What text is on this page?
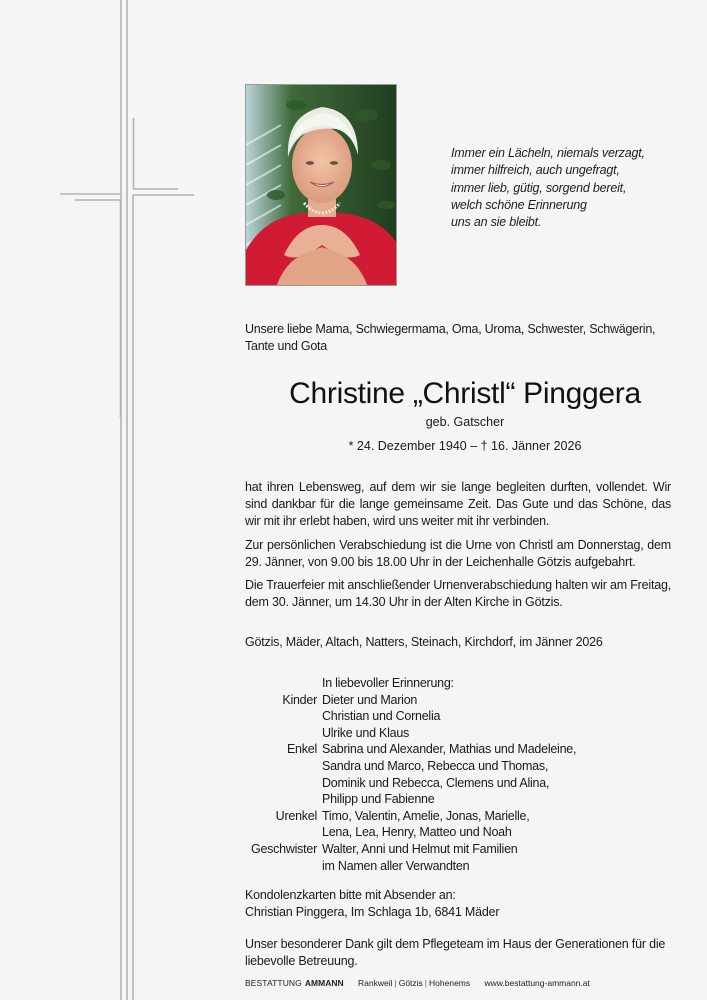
Immer ein Lächeln, niemals verzagt,
immer hilfreich, auch ungefragt,
immer lieb, gütig, sorgend bereit,
welch schöne Erinnerung
uns an sie bleibt.
Unsere liebe Mama, Schwiegermama, Oma, Uroma, Schwester, Schwägerin, Tante und Gota
Christine „Christl“ Pinggera
geb. Gatscher
* 24. Dezember 1940 – † 16. Jänner 2026

hat ihren Lebensweg, auf dem wir sie lange begleiten durften, vollendet. Wir sind dankbar für die lange gemeinsame Zeit. Das Gute und das Schöne, das wir mit ihr erlebt haben, wird uns weiter mit ihr verbinden.

Zur persönlichen Verabschiedung ist die Urne von Christl am Donnerstag, dem 29. Jänner, von 9.00 bis 18.00 Uhr in der Leichenhalle Götzis aufgebahrt.

Die Trauerfeier mit anschließender Urnenverabschiedung halten wir am Freitag, dem 30. Jänner, um 14.30 Uhr in der Alten Kirche in Götzis.

Götzis, Mäder, Altach, Natters, Steinach, Kirchdorf, im Jänner 2026
In liebevoller Erinnerung:
Kinder Dieter und Marion
Christian und Cornelia
Ulrike und Klaus
Enkel Sabrina und Alexander, Mathias und Madeleine,
Sandra und Marco, Rebecca und Thomas,
Dominik und Rebecca, Clemens und Alina,
Philipp und Fabienne
Urenkel Timo, Valentin, Amelie, Jonas, Marielle,
Lena, Lea, Henry, Matteo und Noah
Geschwister Walter, Anni und Helmut mit Familien
im Namen aller Verwandten
Kondolenzkarten bitte mit Absender an:
Christian Pinggera, Im Schlaga 1b, 6841 Mäder
Unser besonderer Dank gilt dem Pflegeteam im Haus der Generationen für die liebevolle Betreuung.
BESTATTUNG AMMANN Rankweil | Götzis | Hohenems www.bestattung-ammann.at
